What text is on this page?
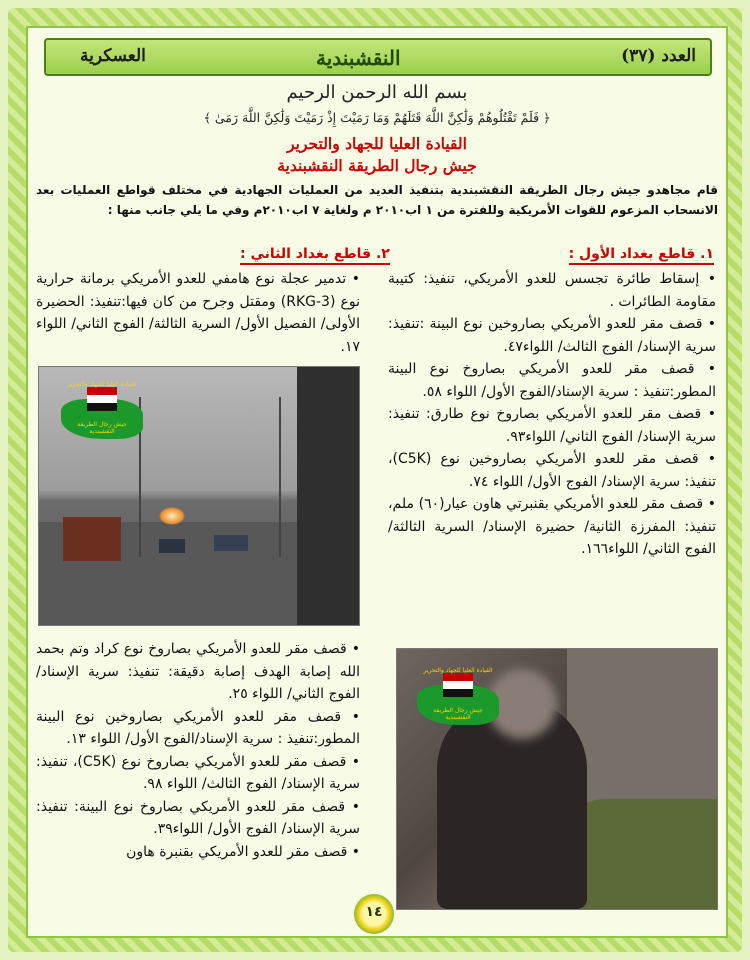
العدد (٣٧)
النقشبندية
العسكرية
بسم الله الرحمن الرحيم
﴿ فَلَمْ تَقْتُلُوهُمْ وَلَٰكِنَّ اللَّهَ قَتَلَهُمْ وَمَا رَمَيْتَ إِذْ رَمَيْتَ وَلَٰكِنَّ اللَّهَ رَمَىٰ ﴾
القيادة العليا للجهاد والتحرير
جيش رجال الطريقة النقشبندية
قام مجاهدو جيش رجال الطريقة النقشبندية بتنفيذ العديد من العمليات الجهادية في مختلف قواطع العمليات بعد الانسحاب المزعوم للقوات الأمريكية وللفترة من ١ اب٢٠١٠ م ولغاية ٧ اب٢٠١٠م وفي ما يلي جانب منها :
١. قاطع بغداد الأول :

• إسقاط طائرة تجسس للعدو الأمريكي، تنفيذ: كتيبة مقاومة الطائرات .

• قصف مقر للعدو الأمريكي بصاروخين نوع البينة :تنفيذ: سرية الإسناد/ الفوج الثالث/ اللواء٤٧.

• قصف مقر للعدو الأمريكي بصاروخ نوع البينة المطور:تنفيذ : سرية الإسناد/الفوج الأول/ اللواء ٥٨.

• قصف مقر للعدو الأمريكي بصاروخ نوع طارق: تنفيذ: سرية الإسناد/ الفوج الثاني/ اللواء٩٣.

• قصف مقر للعدو الأمريكي بصاروخين نوع (C5K)، تنفيذ: سرية الإسناد/ الفوج الأول/ اللواء ٧٤.

• قصف مقر للعدو الأمريكي بقنبرتي هاون عيار(٦٠) ملم، تنفيذ: المفرزة الثانية/ حضيرة الإسناد/ السرية الثالثة/ الفوج الثاني/ اللواء١٦٦.

٢. قاطع بغداد الثاني :

• تدمير عجلة نوع هامفي للعدو الأمريكي برمانة حرارية نوع (RKG-3) ومقتل وجرح من كان فيها:تنفيذ: الحضيرة الأولى/ الفصيل الأول/ السرية الثالثة/ الفوج الثاني/ اللواء ١٧.

القيادة العليا للجهاد والتحرير
جيش رجال الطريقة النقشبندية

• قصف مقر للعدو الأمريكي بصاروخ نوع كراد وتم بحمد الله إصابة الهدف إصابة دقيقة: تنفيذ: سرية الإسناد/ الفوج الثاني/ اللواء ٢٥.

• قصف مقر للعدو الأمريكي بصاروخين نوع البينة المطور:تنفيذ : سرية الإسناد/الفوج الأول/ اللواء ١٣.

• قصف مقر للعدو الأمريكي بصاروخ نوع (C5K)، تنفيذ: سرية الإسناد/ الفوج الثالث/ اللواء ٩٨.

• قصف مقر للعدو الأمريكي بصاروخ نوع البينة: تنفيذ: سرية الإسناد/ الفوج الأول/ اللواء٣٩.

• قصف مقر للعدو الأمريكي بقنبرة هاون

القيادة العليا للجهاد والتحرير
جيش رجال الطريقة النقشبندية
١٤
